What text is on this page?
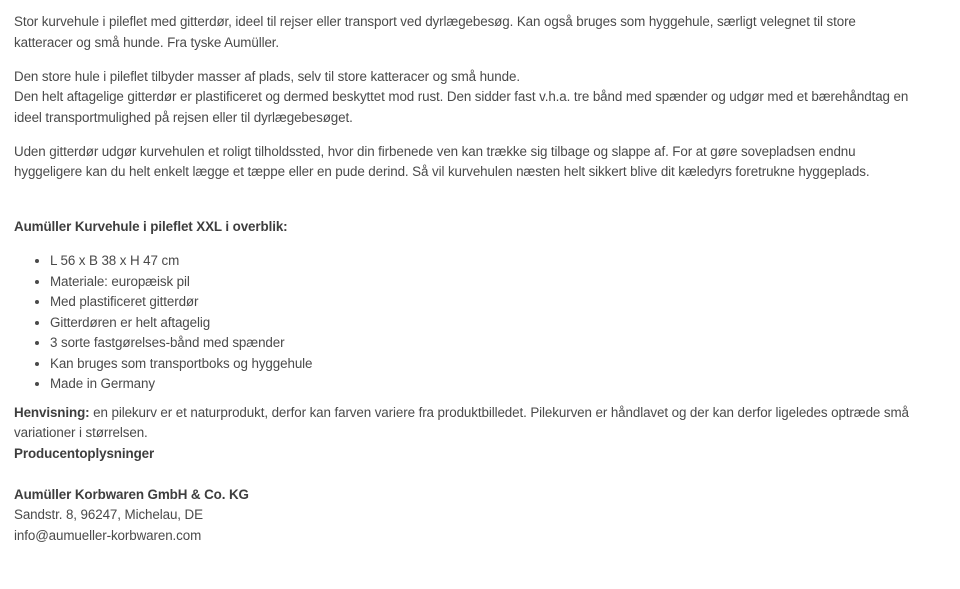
Stor kurvehule i pileflet med gitterdør, ideel til rejser eller transport ved dyrlægebesøg. Kan også bruges som hyggehule, særligt velegnet til store
katteracer og små hunde. Fra tyske Aumüller.

Den store hule i pileflet tilbyder masser af plads, selv til store katteracer og små hunde.
Den helt aftagelige gitterdør er plastificeret og dermed beskyttet mod rust. Den sidder fast v.h.a. tre bånd med spænder og udgør med et bærehåndtag en
ideel transportmulighed på rejsen eller til dyrlægebesøget.

Uden gitterdør udgør kurvehulen et roligt tilholdssted, hvor din firbenede ven kan trække sig tilbage og slappe af. For at gøre sovepladsen endnu
hyggeligere kan du helt enkelt lægge et tæppe eller en pude derind. Så vil kurvehulen næsten helt sikkert blive dit kæledyrs foretrukne hyggeplads.

Aumüller Kurvehule i pileflet XXL i overblik:
• L 56 x B 38 x H 47 cm
• Materiale: europæisk pil
• Med plastificeret gitterdør
• Gitterdøren er helt aftagelig
• 3 sorte fastgørelses-bånd med spænder
• Kan bruges som transportboks og hyggehule
• Made in Germany
Henvisning: en pilekurv er et naturprodukt, derfor kan farven variere fra produktbilledet. Pilekurven er håndlavet og der kan derfor ligeledes optræde små
variationer i størrelsen.
Producentoplysninger

Aumüller Korbwaren GmbH & Co. KG
Sandstr. 8, 96247, Michelau, DE
info@aumueller-korbwaren.com
